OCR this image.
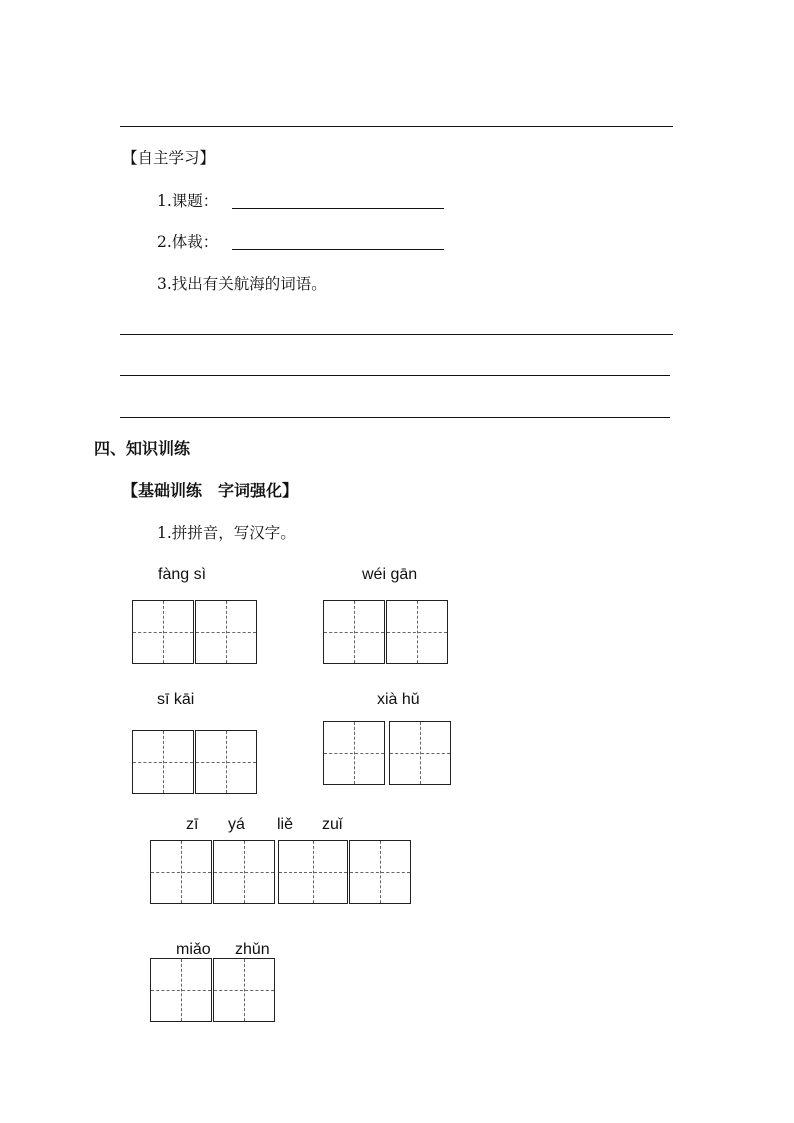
【自主学习】
1.课题：
2.体裁：
3.找出有关航海的词语。
四、知识训练
【基础训练　字词强化】
1.拼拼音，写汉字。
fàng sì	wéi gān
sī kāi	xià hǔ
zī yá liě zuǐ
miǎo zhǔn
